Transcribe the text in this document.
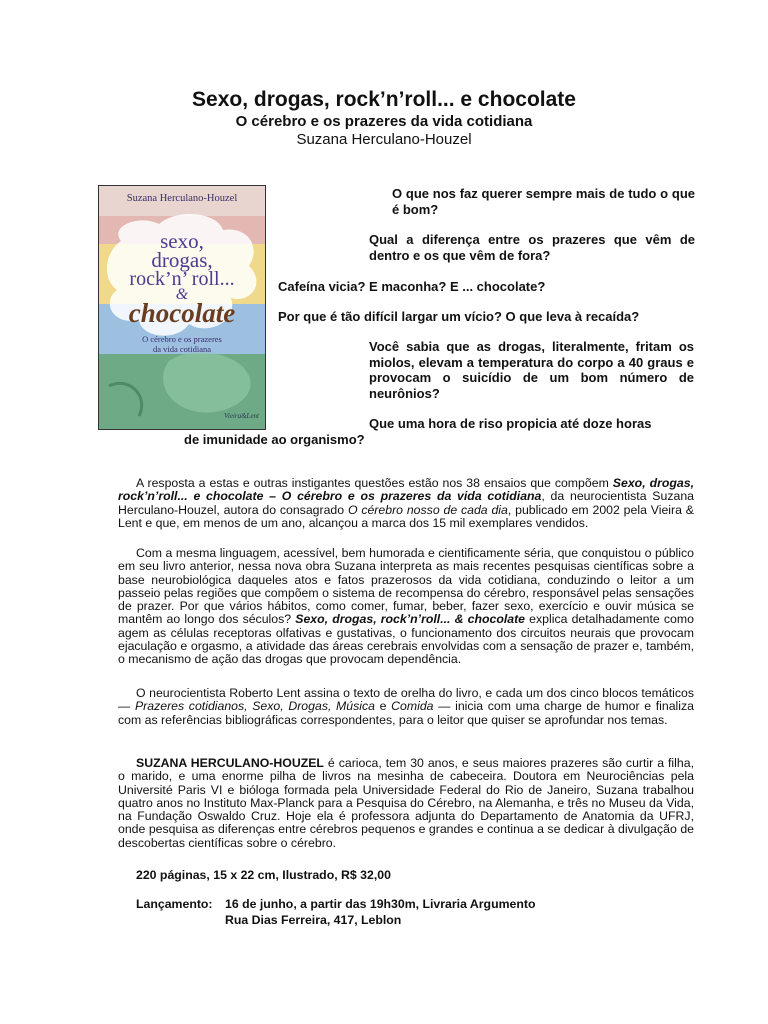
Sexo, drogas, rock’n’roll... e chocolate
O cérebro e os prazeres da vida cotidiana
Suzana Herculano-Houzel
Suzana Herculano-Houzel
sexo,
drogas,
rock’n’ roll...
&
chocolate
O cérebro e os prazeres
da vida cotidiana
Vieira&Lent
O que nos faz querer sempre mais de tudo o que é bom?
Qual a diferença entre os prazeres que vêm de dentro e os que vêm de fora?
Cafeína vicia? E maconha? E ... chocolate?
Por que é tão difícil largar um vício? O que leva à recaída?
Você sabia que as drogas, literalmente, fritam os miolos, elevam a temperatura do corpo a 40 graus e provocam o suicídio de um bom número de neurônios?
Que uma hora de riso propicia até doze horas
de imunidade ao organismo?

A resposta a estas e outras instigantes questões estão nos 38 ensaios que compõem Sexo, drogas, rock’n’roll... e chocolate – O cérebro e os prazeres da vida cotidiana, da neurocientista Suzana Herculano-Houzel, autora do consagrado O cérebro nosso de cada dia, publicado em 2002 pela Vieira & Lent e que, em menos de um ano, alcançou a marca dos 15 mil exemplares vendidos.

Com a mesma linguagem, acessível, bem humorada e cientificamente séria, que conquistou o público em seu livro anterior, nessa nova obra Suzana interpreta as mais recentes pesquisas científicas sobre a base neurobiológica daqueles atos e fatos prazerosos da vida cotidiana, conduzindo o leitor a um passeio pelas regiões que compõem o sistema de recompensa do cérebro, responsável pelas sensações de prazer. Por que vários hábitos, como comer, fumar, beber, fazer sexo, exercício e ouvir música se mantêm ao longo dos séculos? Sexo, drogas, rock’n’roll... & chocolate explica detalhadamente como agem as células receptoras olfativas e gustativas, o funcionamento dos circuitos neurais que provocam ejaculação e orgasmo, a atividade das áreas cerebrais envolvidas com a sensação de prazer e, também, o mecanismo de ação das drogas que provocam dependência.

O neurocientista Roberto Lent assina o texto de orelha do livro, e cada um dos cinco blocos temáticos — Prazeres cotidianos, Sexo, Drogas, Música e Comida — inicia com uma charge de humor e finaliza com as referências bibliográficas correspondentes, para o leitor que quiser se aprofundar nos temas.

SUZANA HERCULANO-HOUZEL é carioca, tem 30 anos, e seus maiores prazeres são curtir a filha, o marido, e uma enorme pilha de livros na mesinha de cabeceira. Doutora em Neurociências pela Université Paris VI e bióloga formada pela Universidade Federal do Rio de Janeiro, Suzana trabalhou quatro anos no Instituto Max-Planck para a Pesquisa do Cérebro, na Alemanha, e três no Museu da Vida, na Fundação Oswaldo Cruz. Hoje ela é professora adjunta do Departamento de Anatomia da UFRJ, onde pesquisa as diferenças entre cérebros pequenos e grandes e continua a se dedicar à divulgação de descobertas científicas sobre o cérebro.

220 páginas, 15 x 22 cm, Ilustrado, R$ 32,00
Lançamento: 16 de junho, a partir das 19h30m, Livraria Argumento
Rua Dias Ferreira, 417, Leblon
